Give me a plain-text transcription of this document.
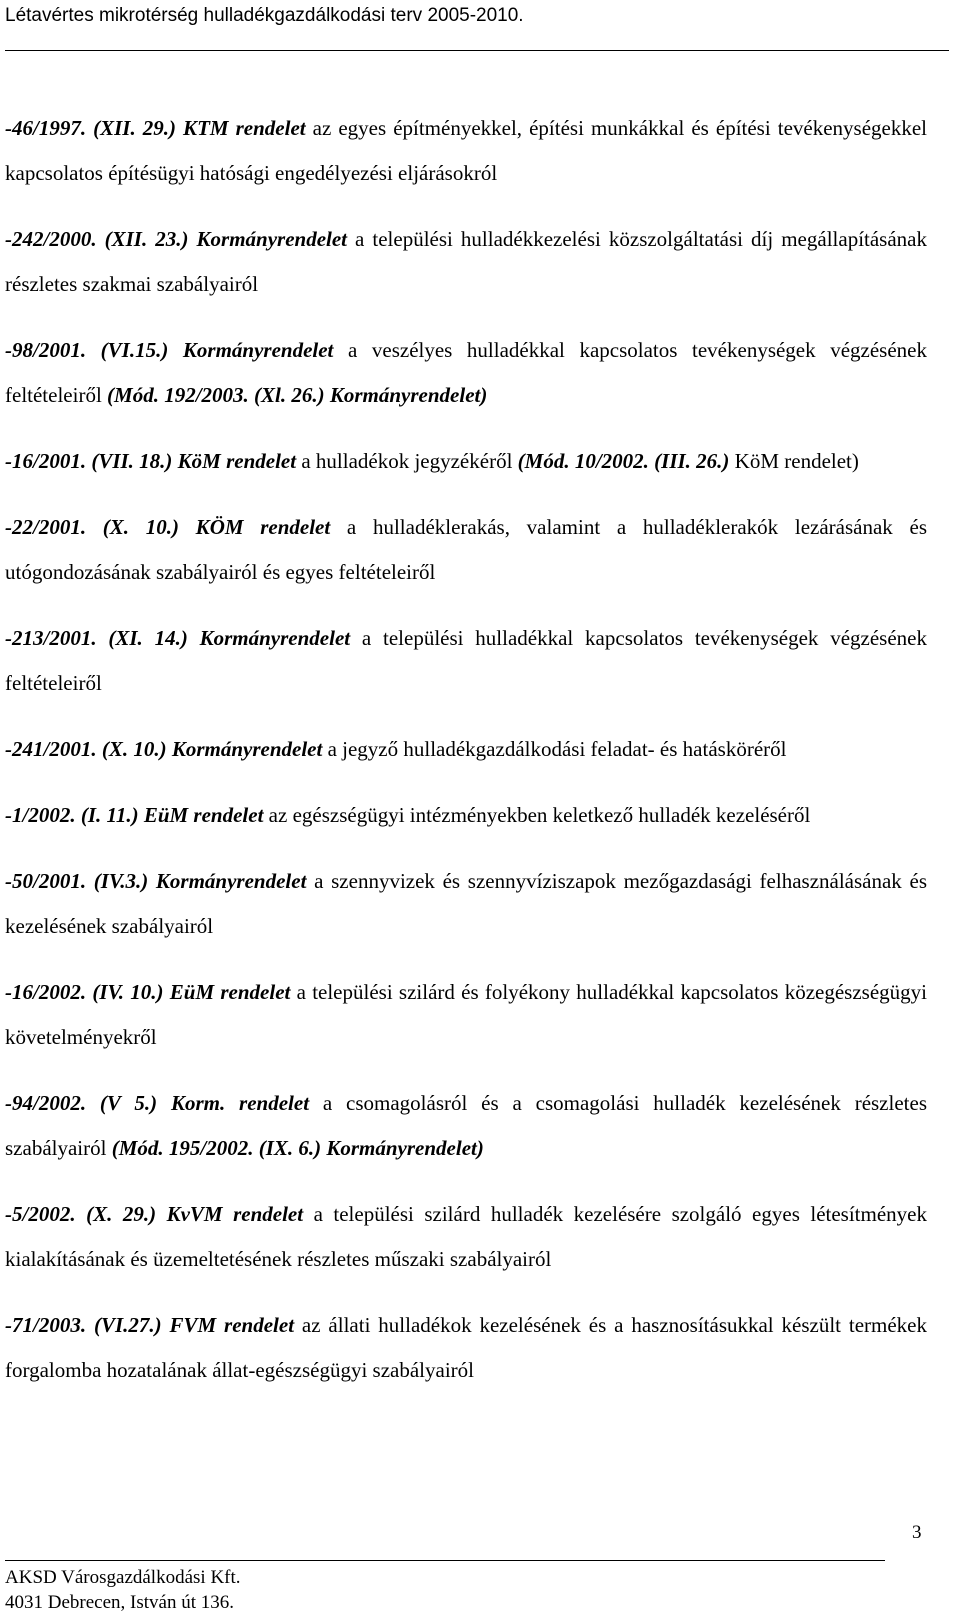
Létavértes mikrotérség hulladékgazdálkodási terv 2005-2010.

-46/1997. (XII. 29.) KTM rendelet az egyes építményekkel, építési munkákkal és építési tevékenységekkel kapcsolatos építésügyi hatósági engedélyezési eljárásokról

-242/2000. (XII. 23.) Kormányrendelet a települési hulladékkezelési közszolgáltatási díj megállapításának részletes szakmai szabályairól

-98/2001. (VI.15.) Kormányrendelet a veszélyes hulladékkal kapcsolatos tevékenységek végzésének feltételeiről (Mód. 192/2003. (Xl. 26.) Kormányrendelet)

-16/2001. (VII. 18.) KöM rendelet a hulladékok jegyzékéről (Mód. 10/2002. (III. 26.) KöM rendelet)

-22/2001. (X. 10.) KÖM rendelet a hulladéklerakás, valamint a hulladéklerakók lezárásának és utógondozásának szabályairól és egyes feltételeiről

-213/2001. (XI. 14.) Kormányrendelet a települési hulladékkal kapcsolatos tevékenységek végzésének feltételeiről

-241/2001. (X. 10.) Kormányrendelet a jegyző hulladékgazdálkodási feladat- és hatásköréről

-1/2002. (I. 11.) EüM rendelet az egészségügyi intézményekben keletkező hulladék kezeléséről

-50/2001. (IV.3.) Kormányrendelet a szennyvizek és szennyvíziszapok mezőgazdasági felhasználásának és kezelésének szabályairól

-16/2002. (IV. 10.) EüM rendelet a települési szilárd és folyékony hulladékkal kapcsolatos közegészségügyi követelményekről

-94/2002. (V 5.) Korm. rendelet a csomagolásról és a csomagolási hulladék kezelésének részletes szabályairól (Mód. 195/2002. (IX. 6.) Kormányrendelet)

-5/2002. (X. 29.) KvVM rendelet a települési szilárd hulladék kezelésére szolgáló egyes létesítmények kialakításának és üzemeltetésének részletes műszaki szabályairól

-71/2003. (VI.27.) FVM rendelet az állati hulladékok kezelésének és a hasznosításukkal készült termékek forgalomba hozatalának állat-egészségügyi szabályairól

3
AKSD Városgazdálkodási Kft.
4031 Debrecen, István út 136.
